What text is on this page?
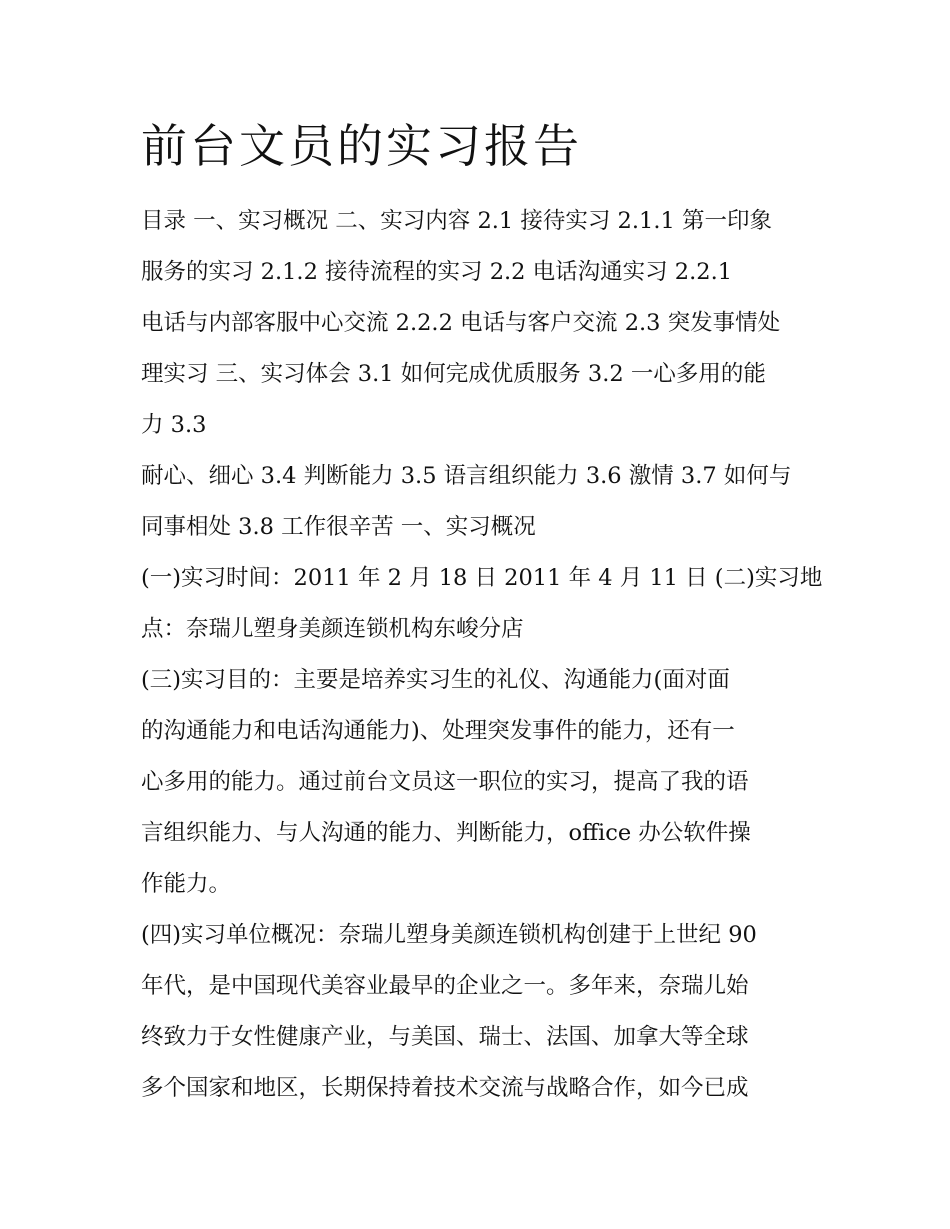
前台文员的实习报告

目录 一、实习概况 二、实习内容 2.1 接待实习 2.1.1 第一印象

服务的实习 2.1.2 接待流程的实习 2.2 电话沟通实习 2.2.1

电话与内部客服中心交流 2.2.2 电话与客户交流 2.3 突发事情处

理实习 三、实习体会 3.1 如何完成优质服务 3.2 一心多用的能

力 3.3

耐心、细心 3.4 判断能力 3.5 语言组织能力 3.6 激情 3.7 如何与

同事相处 3.8 工作很辛苦 一、实习概况

(一)实习时间：2011 年 2 月 18 日 2011 年 4 月 11 日 (二)实习地

点：奈瑞儿塑身美颜连锁机构东峻分店

(三)实习目的：主要是培养实习生的礼仪、沟通能力(面对面

的沟通能力和电话沟通能力)、处理突发事件的能力，还有一

心多用的能力。通过前台文员这一职位的实习，提高了我的语

言组织能力、与人沟通的能力、判断能力，office 办公软件操

作能力。

(四)实习单位概况：奈瑞儿塑身美颜连锁机构创建于上世纪 90

年代，是中国现代美容业最早的企业之一。多年来，奈瑞儿始

终致力于女性健康产业，与美国、瑞士、法国、加拿大等全球

多个国家和地区，长期保持着技术交流与战略合作，如今已成
